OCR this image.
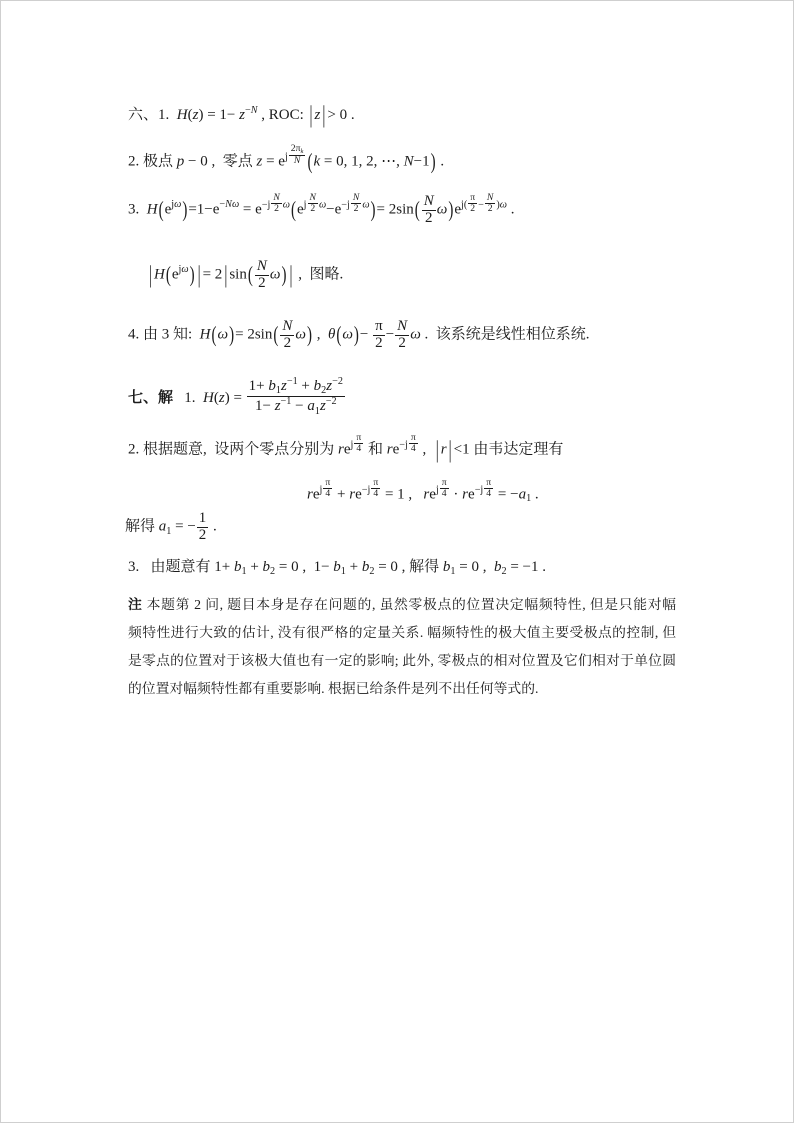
六、1.  H(z) = 1− z−N , ROC: | z | > 0 .
2. 极点 p − 0 ,  零点 z = ej $\frac{2\pi k}{N} (k = 0$, 1, 2, ⋯, N−1) .
3.  $H(ej\omega)=1-e-N\omega = e-j \frac{N}{2} \omega(ej \frac{N}{2} \omega-e-j \frac{N}{2} \omega)= 2\sin( \frac{N}{2} \omega)ej( \frac{\pi}{2} - \frac{N}{2} )\omega$ .
| H(ejω) | = 2 | $\sin( \frac{N}{2} \omega)$ | ,  图略.
4. 由 3 知:  $H(\omega)= 2\sin( \frac{N}{2} \omega)$ ,  $\theta(\omega)- \frac{\pi}{2} - \frac{N}{2}$ ω .  该系统是线性相位系统.
七、解   1.  $H(z) = \frac{1+ b1z-1 + b2z-2}{1- z-1 - a1z-2}$
2. 根据题意,  设两个零点分别为 rej $\frac{\pi}{4}$ 和 $re-j \frac{\pi}{4}$ ,  | r | <1 由韦达定理有
rej $\frac{\pi}{4} + re-j \frac{\pi}{4} = 1$ ,   rej $\frac{\pi}{4} \cdot re-j \frac{\pi}{4} = -a1$ .
解得 a1 = − $\frac{1}{2}$ .
3.   由题意有 1+ b1 + b2 = 0 ,  1− b1 + b2 = 0 , 解得 b1 = 0 ,  b2 = −1 .
注 本题第 2 问, 题目本身是存在问题的, 虽然零极点的位置决定幅频特性, 但是只能对幅
频特性进行大致的估计, 没有很严格的定量关系. 幅频特性的极大值主要受极点的控制, 但
是零点的位置对于该极大值也有一定的影响; 此外, 零极点的相对位置及它们相对于单位圆
的位置对幅频特性都有重要影响. 根据已给条件是列不出任何等式的.
